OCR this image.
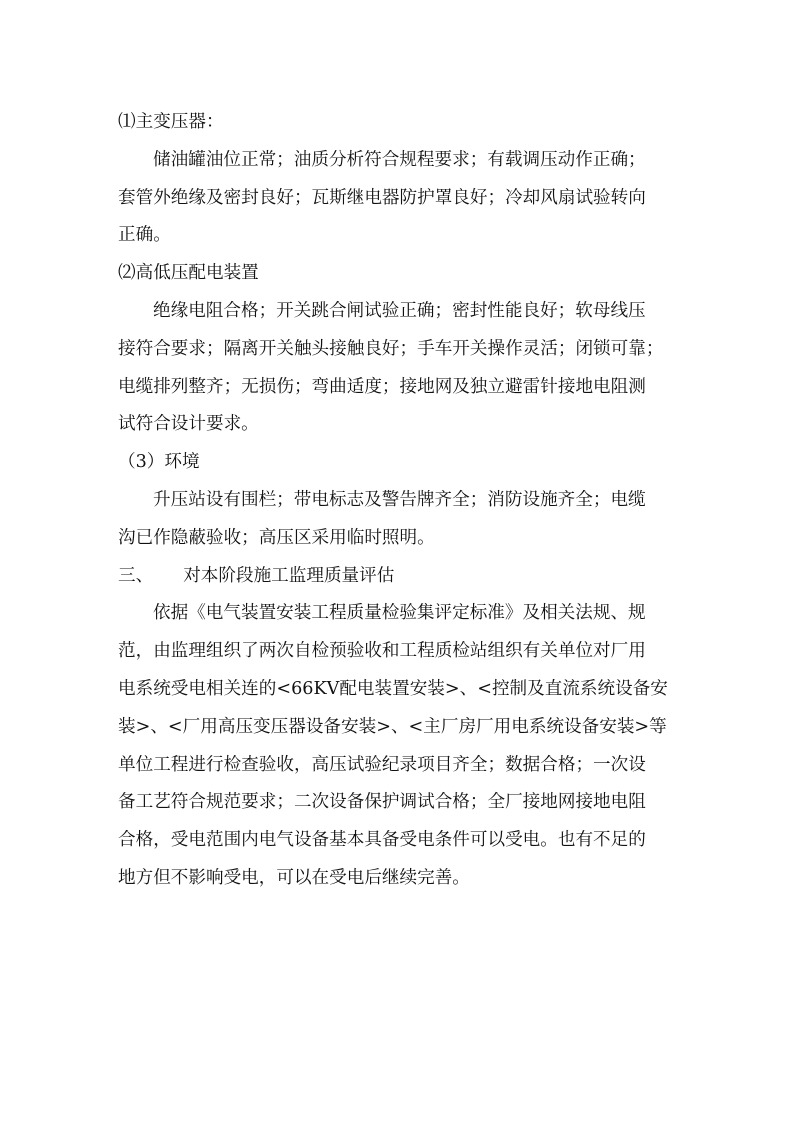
⑴主变压器：

储油罐油位正常；油质分析符合规程要求；有载调压动作正确；

套管外绝缘及密封良好；瓦斯继电器防护罩良好；冷却风扇试验转向

正确。

⑵高低压配电装置

绝缘电阻合格；开关跳合闸试验正确；密封性能良好；软母线压

接符合要求；隔离开关触头接触良好；手车开关操作灵活；闭锁可靠；

电缆排列整齐；无损伤；弯曲适度；接地网及独立避雷针接地电阻测

试符合设计要求。

（3）环境

升压站设有围栏；带电标志及警告牌齐全；消防设施齐全；电缆

沟已作隐蔽验收；高压区采用临时照明。

三、 对本阶段施工监理质量评估

依据《电气装置安装工程质量检验集评定标准》及相关法规、规

范，由监理组织了两次自检预验收和工程质检站组织有关单位对厂用

电系统受电相关连的<66KV配电装置安装>、<控制及直流系统设备安

装>、<厂用高压变压器设备安装>、<主厂房厂用电系统设备安装>等

单位工程进行检查验收，高压试验纪录项目齐全；数据合格；一次设

备工艺符合规范要求；二次设备保护调试合格；全厂接地网接地电阻

合格，受电范围内电气设备基本具备受电条件可以受电。也有不足的

地方但不影响受电，可以在受电后继续完善。
